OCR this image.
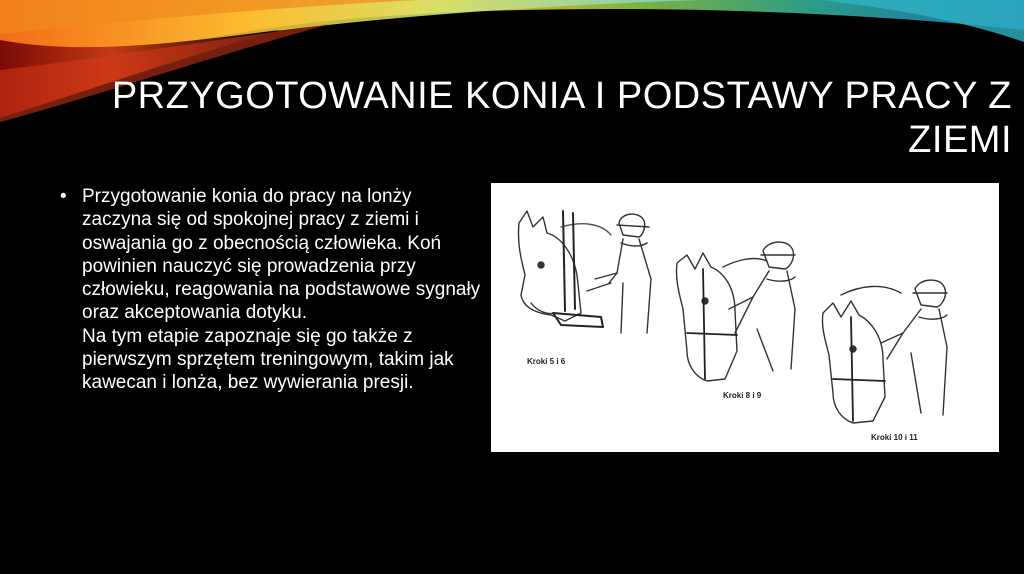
PRZYGOTOWANIE KONIA I PODSTAWY PRACY Z
ZIEMI
• Przygotowanie konia do pracy na lonży zaczyna się od spokojnej pracy z ziemi i oswajania go z obecnością człowieka. Koń powinien nauczyć się prowadzenia przy człowieku, reagowania na podstawowe sygnały oraz akceptowania dotyku.

Na tym etapie zapoznaje się go także z pierwszym sprzętem treningowym, takim jak kawecan i lonża, bez wywierania presji.

Kroki 5 i 6
Kroki 8 i 9
Kroki 10 i 11
